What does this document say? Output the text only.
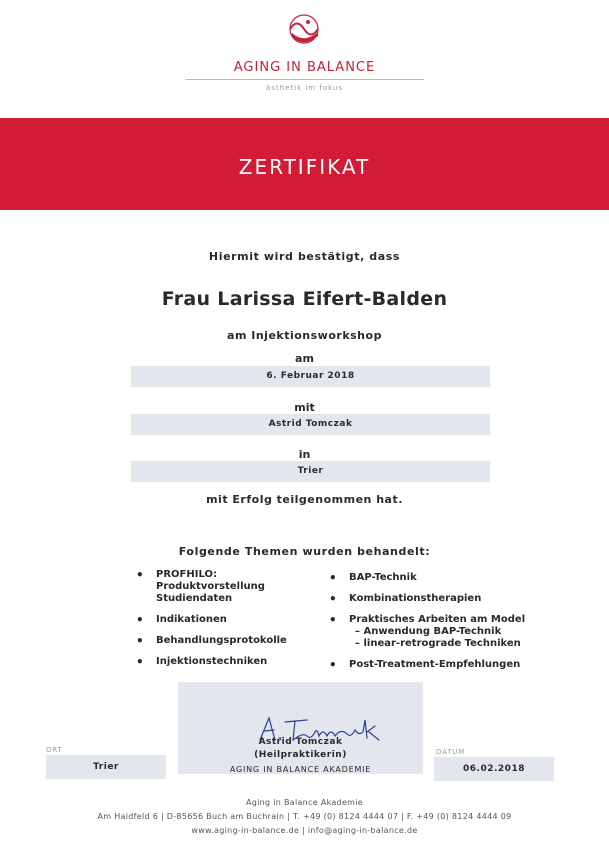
AGING IN BALANCE
ästhetik im fokus
ZERTIFIKAT
Hiermit wird bestätigt, dass
Frau Larissa Eifert-Balden
am Injektionsworkshop
am
6. Februar 2018
mit
Astrid Tomczak
in
Trier
mit Erfolg teilgenommen hat.
Folgende Themen wurden behandelt:
• PROFHILO:
Produktvorstellung
Studiendaten
• Indikationen
• Behandlungsprotokolle
• Injektionstechniken
• BAP-Technik
• Kombinationstherapien
• Praktisches Arbeiten am Model
– Anwendung BAP-Technik
– linear-retrograde Techniken
• Post-Treatment-Empfehlungen
Astrid Tomczak
(Heilpraktikerin)
AGING IN BALANCE AKADEMIE
ORT
Trier
DATUM
06.02.2018
Aging in Balance Akademie
Am Haidfeld 6 | D-85656 Buch am Buchrain | T. +49 (0) 8124 4444 07 | F. +49 (0) 8124 4444 09
www.aging-in-balance.de | info@aging-in-balance.de
